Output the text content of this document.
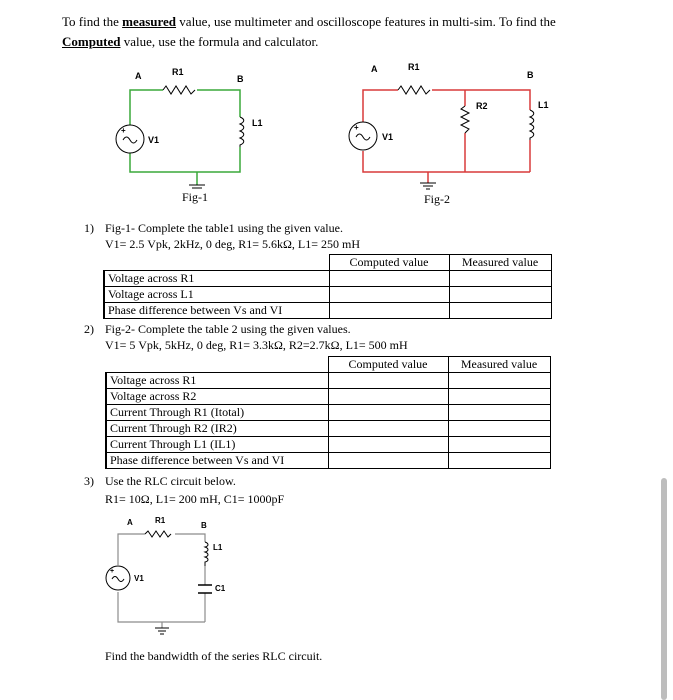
To find the measured value, use multimeter and oscilloscope features in multi-sim. To find the
Computed value, use the formula and calculator.
+
A	R1
B
L1
V1
Fig-1
+
A	R1
B
R2	L1
V1
Fig-2
1) Fig-1- Complete the table1 using the given value.
V1= 2.5 Vpk, 2kHz, 0 deg, R1= 5.6kΩ, L1= 250 mH
	Computed value	Measured value
Voltage across R1		
Voltage across L1		
Phase difference between Vs and VI		
2) Fig-2- Complete the table 2 using the given values.
V1= 5 Vpk, 5kHz, 0 deg, R1= 3.3kΩ, R2=2.7kΩ, L1= 500 mH
	Computed value	Measured value
Voltage across R1		
Voltage across R2		
Current Through R1 (Itotal)		
Current Through R2 (IR2)		
Current Through L1 (IL1)		
Phase difference between Vs and VI		
3) Use the RLC circuit below.
R1= 10Ω, L1= 200 mH, C1= 1000pF
+
A	R1
B
L1
C1
V1
Find the bandwidth of the series RLC circuit.
